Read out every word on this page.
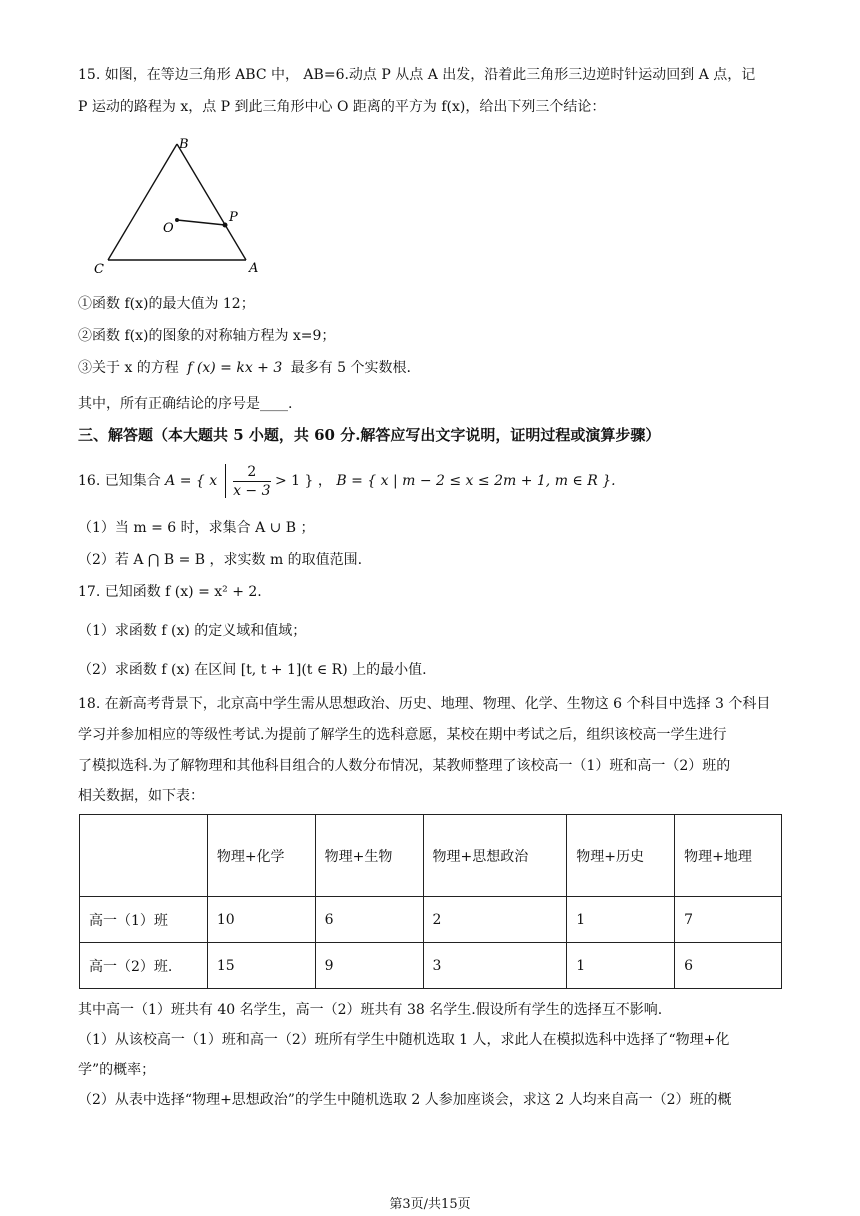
15. 如图，在等边三角形 ABC 中， AB=6.动点 P 从点 A 出发，沿着此三角形三边逆时针运动回到 A 点，记
P 运动的路程为 x，点 P 到此三角形中心 O 距离的平方为 f(x)，给出下列三个结论：
B
O
P
C	A
①函数 f(x)的最大值为 12；
②函数 f(x)的图象的对称轴方程为 x=9；
③关于 x 的方程 f (x) = kx + 3 最多有 5 个实数根.
其中，所有正确结论的序号是____.
三、解答题（本大题共 5 小题，共 60 分.解答应写出文字说明，证明过程或演算步骤）
16. 已知集合 A = { x $\frac{2}{x - 3} > 1$ } ， B = { x | m − 2 ≤ x ≤ 2m + 1, m ∈ R }.
（1）当 m = 6 时，求集合 A ∪ B ；
（2）若 A ⋂ B = B ，求实数 m 的取值范围.
17. 已知函数 f (x) = x² + 2.
（1）求函数 f (x) 的定义域和值域；
（2）求函数 f (x) 在区间 [t, t + 1](t ∈ R) 上的最小值.
18. 在新高考背景下，北京高中学生需从思想政治、历史、地理、物理、化学、生物这 6 个科目中选择 3 个科目
学习并参加相应的等级性考试.为提前了解学生的选科意愿，某校在期中考试之后，组织该校高一学生进行
了模拟选科.为了解物理和其他科目组合的人数分布情况，某教师整理了该校高一（1）班和高一（2）班的
相关数据，如下表：
	物理+化学	物理+生物	物理+思想政治	物理+历史	物理+地理
高一（1）班	10	6	2	1	7
高一（2）班.	15	9	3	1	6
其中高一（1）班共有 40 名学生，高一（2）班共有 38 名学生.假设所有学生的选择互不影响.
（1）从该校高一（1）班和高一（2）班所有学生中随机选取 1 人，求此人在模拟选科中选择了“物理+化
学”的概率；
（2）从表中选择“物理+思想政治”的学生中随机选取 2 人参加座谈会，求这 2 人均来自高一（2）班的概
第3页/共15页
